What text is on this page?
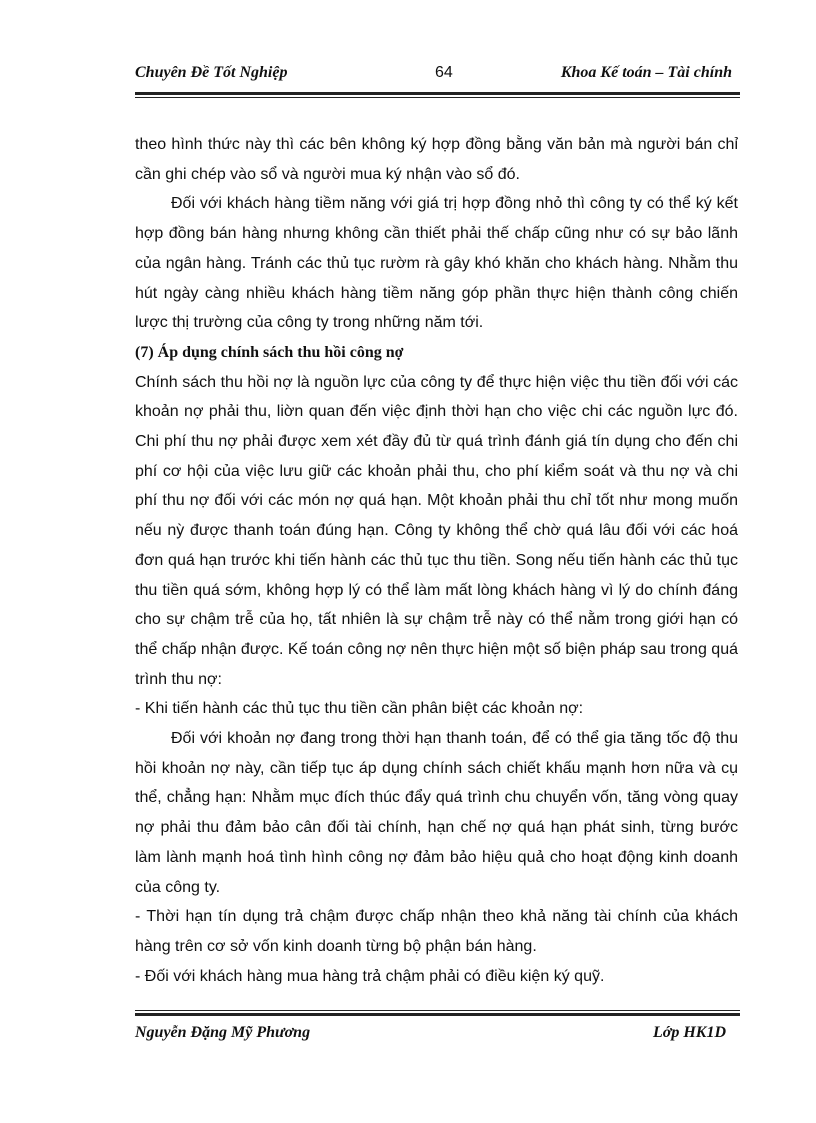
Chuyên Đề Tốt Nghiệp	64	Khoa Kế toán – Tài chính

theo hình thức này thì các bên không ký hợp đồng bằng văn bản mà người bán chỉ cần ghi chép vào sổ và người mua ký nhận vào sổ đó.

Đối với khách hàng tiềm năng với giá trị hợp đồng nhỏ thì công ty có thể ký kết hợp đồng bán hàng nhưng không cần thiết phải thế chấp cũng như có sự bảo lãnh của ngân hàng. Tránh các thủ tục rườm rà gây khó khăn cho khách hàng. Nhằm thu hút ngày càng nhiều khách hàng tiềm năng góp phần thực hiện thành công chiến lược thị trường của công ty trong những năm tới.

(7) Áp dụng chính sách thu hồi công nợ

Chính sách thu hồi nợ là nguồn lực của công ty để thực hiện việc thu tiền đối với các khoản nợ phải thu, liờn quan đến việc định thời hạn cho việc chi các nguồn lực đó. Chi phí thu nợ phải được xem xét đầy đủ từ quá trình đánh giá tín dụng cho đến chi phí cơ hội của việc lưu giữ các khoản phải thu, cho phí kiểm soát và thu nợ và chi phí thu nợ đối với các món nợ quá hạn. Một khoản phải thu chỉ tốt như mong muốn nếu nỳ được thanh toán đúng hạn. Công ty không thể chờ quá lâu đối với các hoá đơn quá hạn trước khi tiến hành các thủ tục thu tiền. Song nếu tiến hành các thủ tục thu tiền quá sớm, không hợp lý có thể làm mất lòng khách hàng vì lý do chính đáng cho sự chậm trễ của họ, tất nhiên là sự chậm trễ này có thể nằm trong giới hạn có thể chấp nhận được. Kế toán công nợ nên thực hiện một số biện pháp sau trong quá trình thu nợ:

- Khi tiến hành các thủ tục thu tiền cần phân biệt các khoản nợ:

Đối với khoản nợ đang trong thời hạn thanh toán, để có thể gia tăng tốc độ thu hồi khoản nợ này, cần tiếp tục áp dụng chính sách chiết khấu mạnh hơn nữa và cụ thể, chẳng hạn: Nhằm mục đích thúc đẩy quá trình chu chuyển vốn, tăng vòng quay nợ phải thu đảm bảo cân đối tài chính, hạn chế nợ quá hạn phát sinh, từng bước làm lành mạnh hoá tình hình công nợ đảm bảo hiệu quả cho hoạt động kinh doanh của công ty.

- Thời hạn tín dụng trả chậm được chấp nhận theo khả năng tài chính của khách hàng trên cơ sở vốn kinh doanh từng bộ phận bán hàng.

- Đối với khách hàng mua hàng trả chậm phải có điều kiện ký quỹ.

Nguyễn Đặng Mỹ Phương	Lớp HK1D
